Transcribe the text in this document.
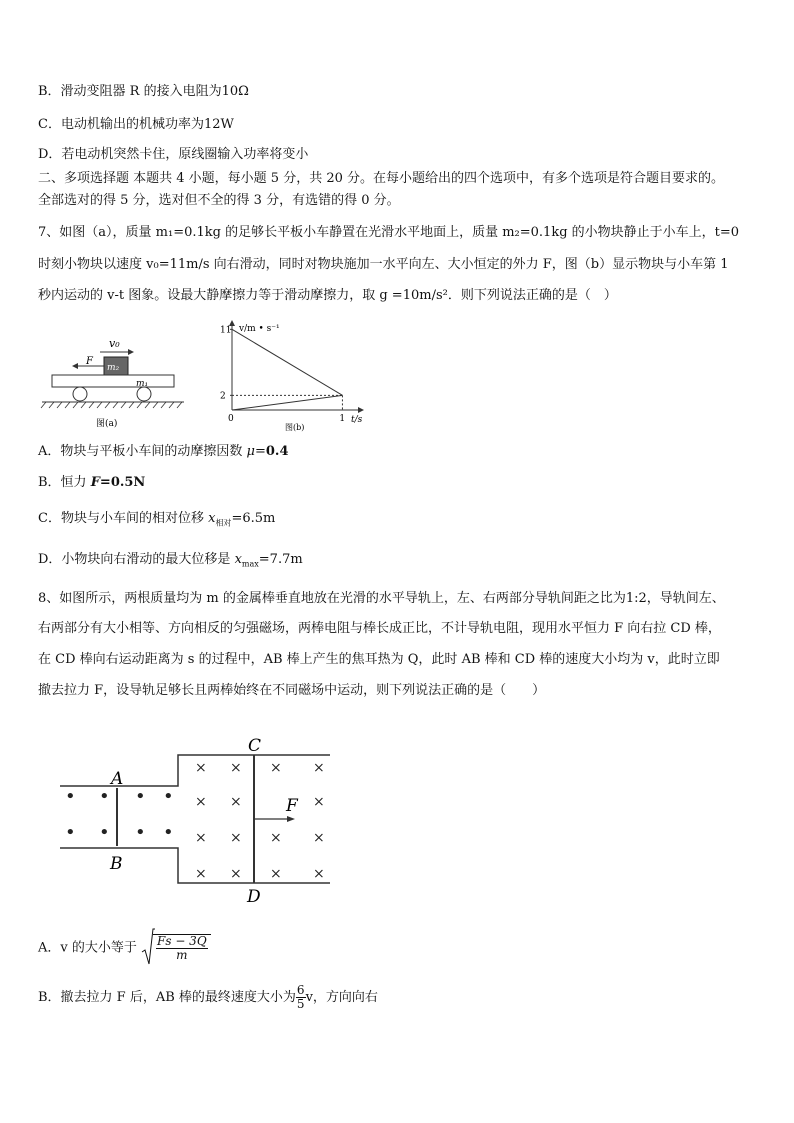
B．滑动变阻器 R 的接入电阻为10Ω
C．电动机输出的机械功率为12W
D．若电动机突然卡住，原线圈输入功率将变小
二、多项选择题 本题共 4 小题，每小题 5 分，共 20 分。在每小题给出的四个选项中，有多个选项是符合题目要求的。
全部选对的得 5 分，选对但不全的得 3 分，有选错的得 0 分。
7、如图（a），质量 m₁=0.1kg 的足够长平板小车静置在光滑水平地面上，质量 m₂=0.1kg 的小物块静止于小车上，t=0
时刻小物块以速度 v₀=11m/s 向右滑动，同时对物块施加一水平向左、大小恒定的外力 F，图（b）显示物块与小车第 1
秒内运动的 v-t 图象。设最大静摩擦力等于滑动摩擦力，取 g =10m/s²．则下列说法正确的是（　）
v₀
F
m₂
m₁
图(a)	1
2
11 v/m • s⁻¹
t/s
0
图(b)
A．物块与平板小车间的动摩擦因数 μ=0.4
B．恒力 F=0.5N
C．物块与小车间的相对位移 $x_{相对}=6.5m$
D．小物块向右滑动的最大位移是 $x_{max}=7.7m$
8、如图所示，两根质量均为 m 的金属棒垂直地放在光滑的水平导轨上，左、右两部分导轨间距之比为1:2，导轨间左、
右两部分有大小相等、方向相反的匀强磁场，两棒电阻与棒长成正比，不计导轨电阻，现用水平恒力 F 向右拉 CD 棒，
在 CD 棒向右运动距离为 s 的过程中，AB 棒上产生的焦耳热为 Q，此时 AB 棒和 CD 棒的速度大小均为 v，此时立即
撤去拉力 F，设导轨足够长且两棒始终在不同磁场中运动，则下列说法正确的是（　　）
• • • •
• • • •
× × × ×
× ×	×
× × × ×
× × × ×
A
B
C
D
F
A．v 的大小等于 $\frac{Fs - 3Q}{m}$
B．撤去拉力 F 后，AB 棒的最终速度大小为 $\frac{6}{5}$ v，方向向右
